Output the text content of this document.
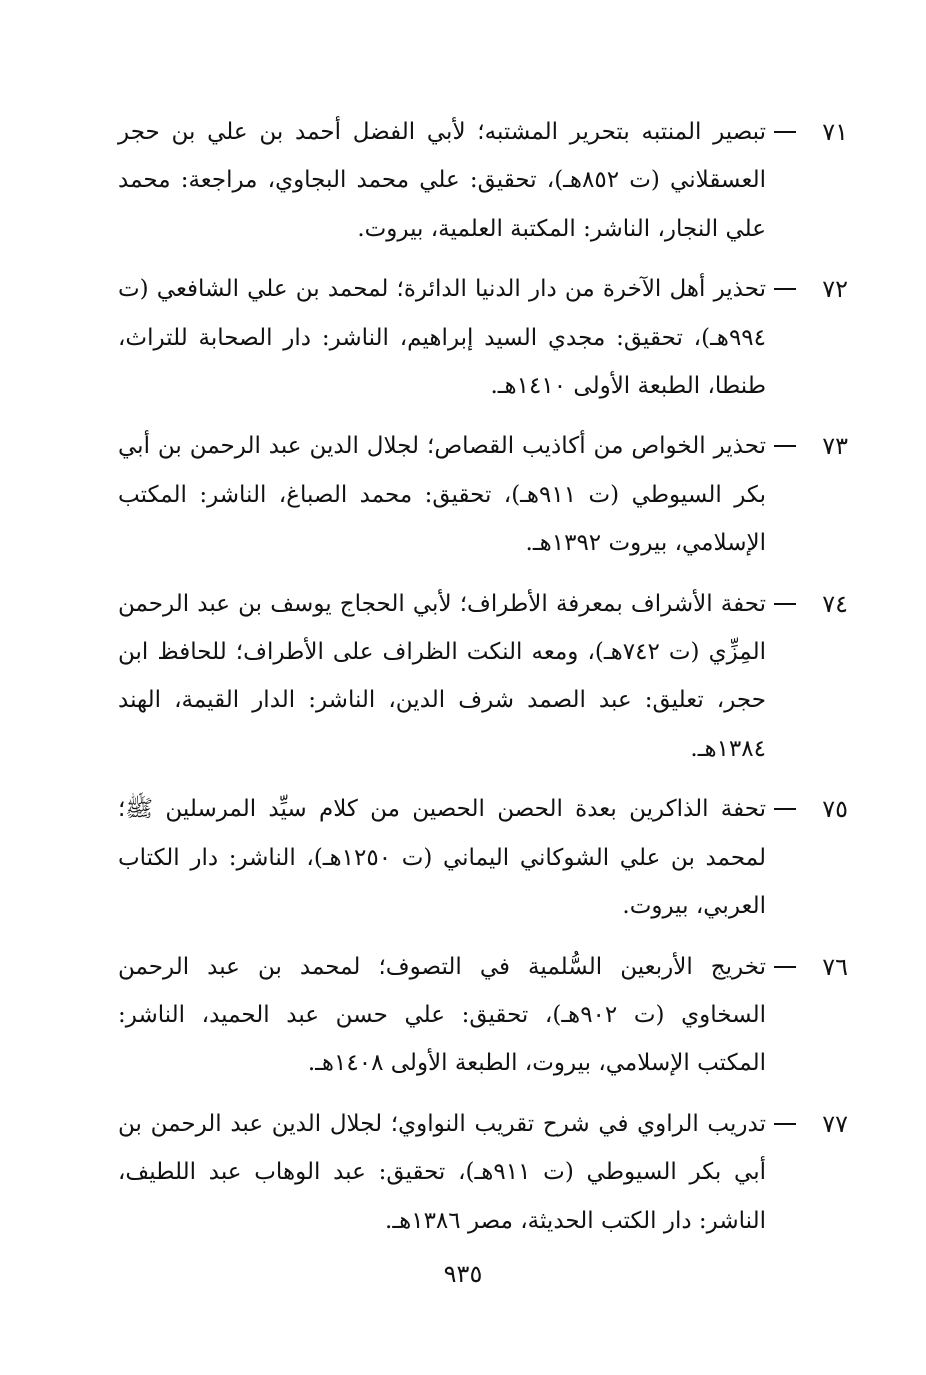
٧١
تبصير المنتبه بتحرير المشتبه؛ لأبي الفضل أحمد بن علي بن حجر العسقلاني (ت ٨٥٢هـ)، تحقيق: علي محمد البجاوي، مراجعة: محمد علي النجار، الناشر: المكتبة العلمية، بيروت.
٧٢
تحذير أهل الآخرة من دار الدنيا الدائرة؛ لمحمد بن علي الشافعي (ت ٩٩٤هـ)، تحقيق: مجدي السيد إبراهيم، الناشر: دار الصحابة للتراث، طنطا، الطبعة الأولى ١٤١٠هـ.
٧٣
تحذير الخواص من أكاذيب القصاص؛ لجلال الدين عبد الرحمن بن أبي بكر السيوطي (ت ٩١١هـ)، تحقيق: محمد الصباغ، الناشر: المكتب الإسلامي، بيروت ١٣٩٢هـ.
٧٤
تحفة الأشراف بمعرفة الأطراف؛ لأبي الحجاج يوسف بن عبد الرحمن المِزِّي (ت ٧٤٢هـ)، ومعه النكت الظراف على الأطراف؛ للحافظ ابن حجر، تعليق: عبد الصمد شرف الدين، الناشر: الدار القيمة، الهند ١٣٨٤هـ.
٧٥
تحفة الذاكرين بعدة الحصن الحصين من كلام سيِّد المرسلين ﷺ؛ لمحمد بن علي الشوكاني اليماني (ت ١٢٥٠هـ)، الناشر: دار الكتاب العربي، بيروت.
٧٦
تخريج الأربعين السُّلمية في التصوف؛ لمحمد بن عبد الرحمن السخاوي (ت ٩٠٢هـ)، تحقيق: علي حسن عبد الحميد، الناشر: المكتب الإسلامي، بيروت، الطبعة الأولى ١٤٠٨هـ.
٧٧
تدريب الراوي في شرح تقريب النواوي؛ لجلال الدين عبد الرحمن بن أبي بكر السيوطي (ت ٩١١هـ)، تحقيق: عبد الوهاب عبد اللطيف، الناشر: دار الكتب الحديثة، مصر ١٣٨٦هـ.
٩٣٥
